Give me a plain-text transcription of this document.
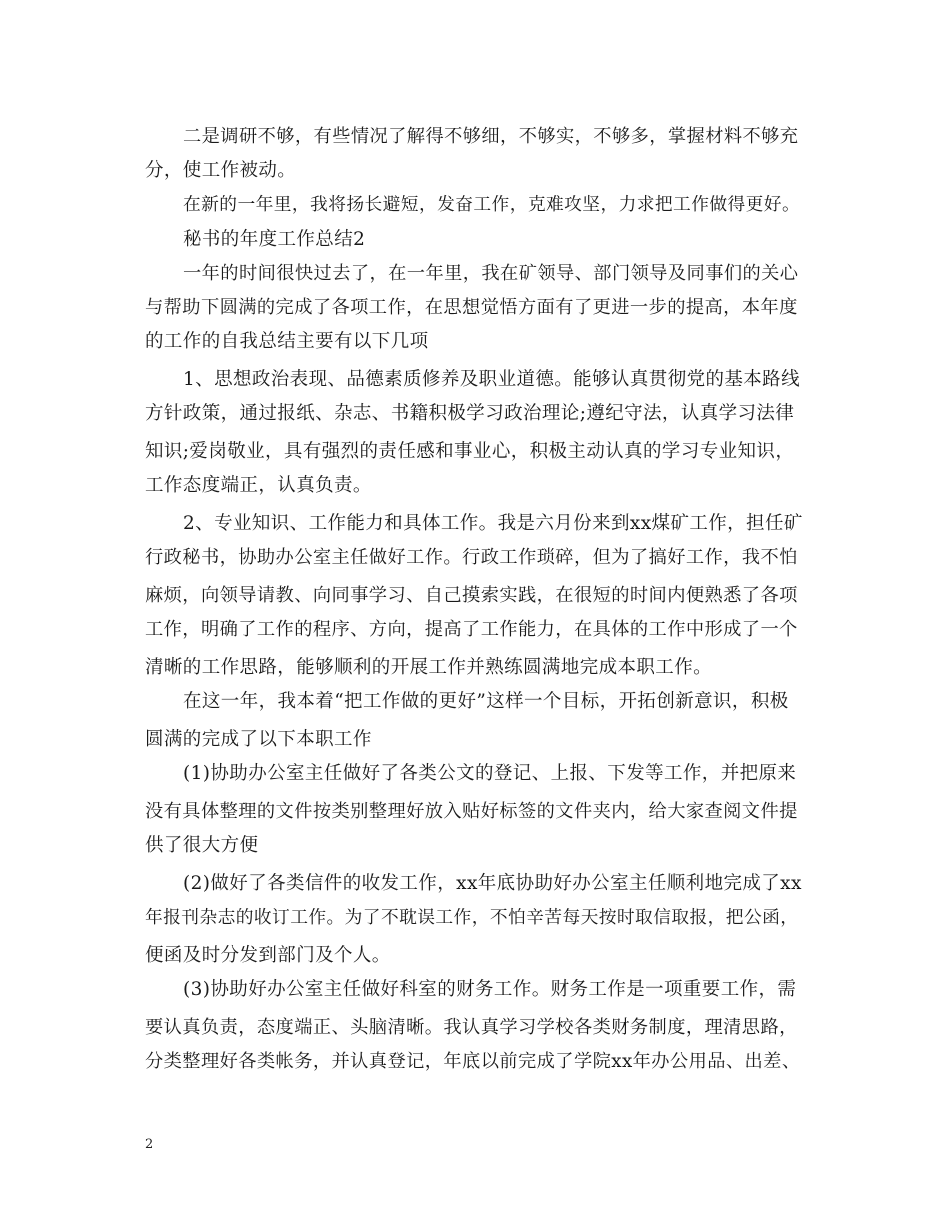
二是调研不够，有些情况了解得不够细，不够实，不够多，掌握材料不够充
分，使工作被动。
在新的一年里，我将扬长避短，发奋工作，克难攻坚，力求把工作做得更好。
秘书的年度工作总结2
一年的时间很快过去了，在一年里，我在矿领导、部门领导及同事们的关心
与帮助下圆满的完成了各项工作，在思想觉悟方面有了更进一步的提高，本年度
的工作的自我总结主要有以下几项
1、思想政治表现、品德素质修养及职业道德。能够认真贯彻党的基本路线
方针政策，通过报纸、杂志、书籍积极学习政治理论;遵纪守法，认真学习法律
知识;爱岗敬业，具有强烈的责任感和事业心，积极主动认真的学习专业知识，
工作态度端正，认真负责。
2、专业知识、工作能力和具体工作。我是六月份来到xx煤矿工作，担任矿
行政秘书，协助办公室主任做好工作。行政工作琐碎，但为了搞好工作，我不怕
麻烦，向领导请教、向同事学习、自己摸索实践，在很短的时间内便熟悉了各项
工作，明确了工作的程序、方向，提高了工作能力，在具体的工作中形成了一个
清晰的工作思路，能够顺利的开展工作并熟练圆满地完成本职工作。
在这一年，我本着“把工作做的更好”这样一个目标，开拓创新意识，积极
圆满的完成了以下本职工作
(1)协助办公室主任做好了各类公文的登记、上报、下发等工作，并把原来
没有具体整理的文件按类别整理好放入贴好标签的文件夹内，给大家查阅文件提
供了很大方便
(2)做好了各类信件的收发工作，xx年底协助好办公室主任顺利地完成了xx
年报刊杂志的收订工作。为了不耽误工作，不怕辛苦每天按时取信取报，把公函，
便函及时分发到部门及个人。
(3)协助好办公室主任做好科室的财务工作。财务工作是一项重要工作，需
要认真负责，态度端正、头脑清晰。我认真学习学校各类财务制度，理清思路，
分类整理好各类帐务，并认真登记，年底以前完成了学院xx年办公用品、出差、
2
